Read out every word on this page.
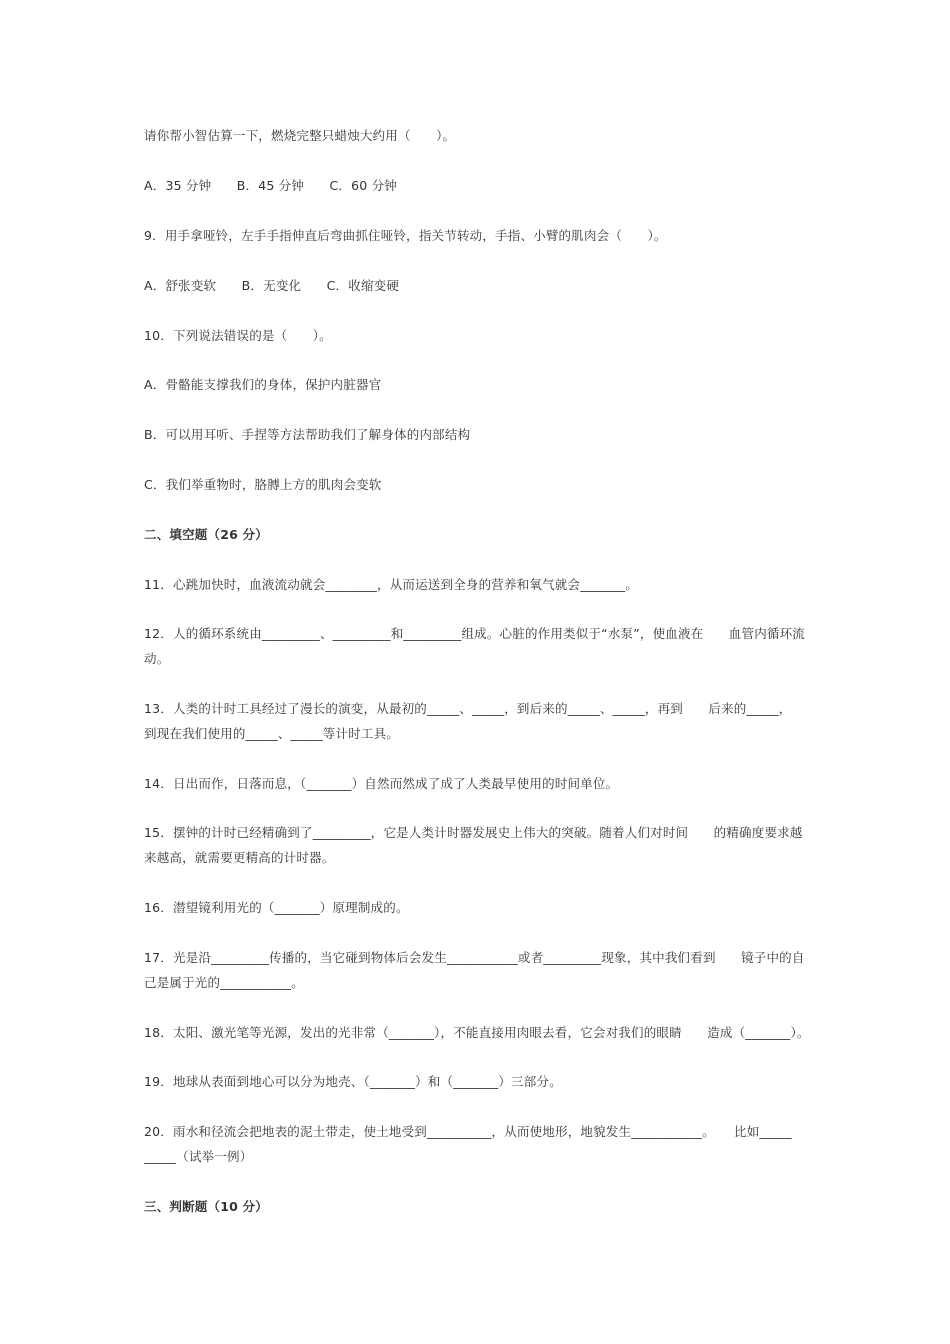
请你帮小智估算一下，燃烧完整只蜡烛大约用（　　）。
A．35 分钟　　B．45 分钟　　C．60 分钟
9．用手拿哑铃，左手手指伸直后弯曲抓住哑铃，指关节转动，手指、小臂的肌肉会（　　）。
A．舒张变软　　B．无变化　　C．收缩变硬
10．下列说法错误的是（　　）。
A．骨骼能支撑我们的身体，保护内脏器官
B．可以用耳听、手捏等方法帮助我们了解身体的内部结构
C．我们举重物时，胳膊上方的肌肉会变软
二、填空题（26 分）
11．心跳加快时，血液流动就会________，从而运送到全身的营养和氧气就会_______。
12．人的循环系统由_________、_________和_________组成。心脏的作用类似于“水泵”，使血液在　　血管内循环流
动。
13．人类的计时工具经过了漫长的演变，从最初的_____、_____，到后来的_____、_____，再到　　后来的_____，
到现在我们使用的_____、_____等计时工具。
14．日出而作，日落而息，（_______）自然而然成了成了人类最早使用的时间单位。
15．摆钟的计时已经精确到了_________，它是人类计时器发展史上伟大的突破。随着人们对时间　　的精确度要求越
来越高，就需要更精高的计时器。
16．潜望镜利用光的（_______）原理制成的。
17．光是沿_________传播的，当它碰到物体后会发生___________或者_________现象，其中我们看到　　镜子中的自
己是属于光的___________。
18．太阳、激光笔等光源，发出的光非常（_______），不能直接用肉眼去看，它会对我们的眼睛　　造成（_______）。
19．地球从表面到地心可以分为地壳、（_______）和（_______）三部分。
20．雨水和径流会把地表的泥土带走，使土地受到__________，从而使地形，地貌发生___________。　　比如_____
_____（试举一例）
三、判断题（10 分）
